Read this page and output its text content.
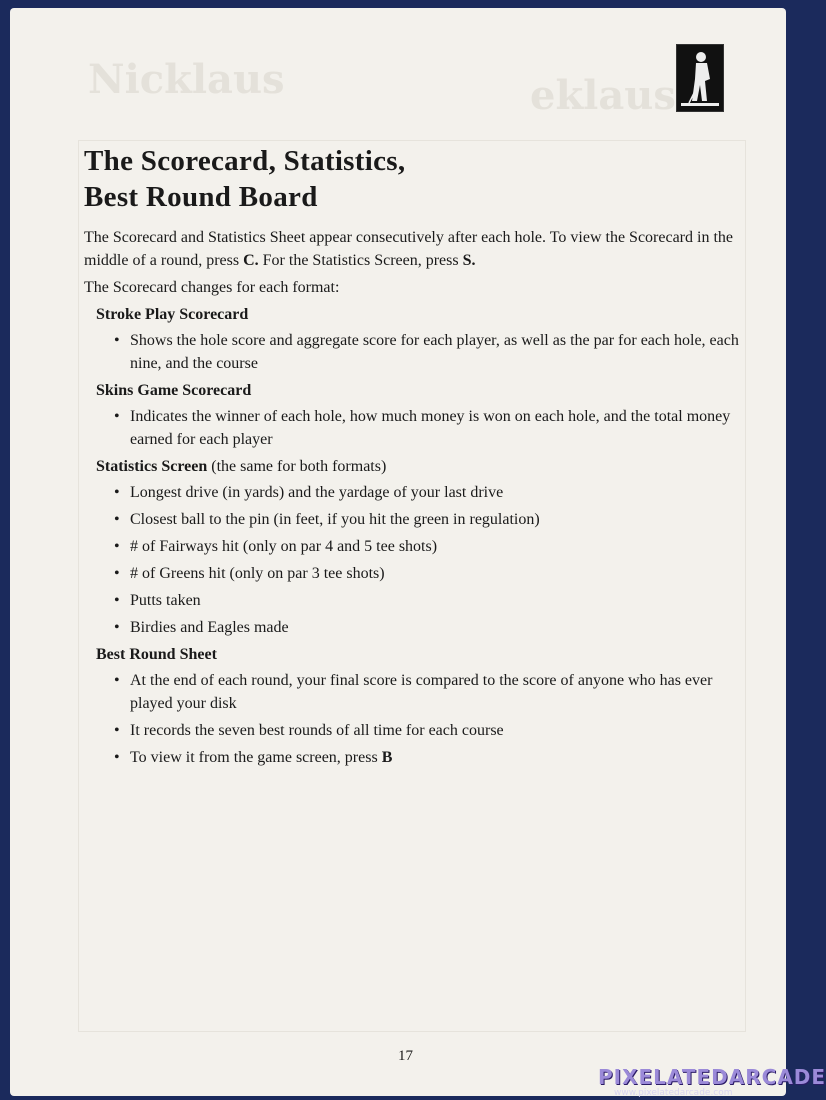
Nicklaus	eklaus
The Scorecard, Statistics,
Best Round Board

The Scorecard and Statistics Sheet appear consecutively after each hole. To view the Scorecard in the middle of a round, press C. For the Statistics Screen, press S.

The Scorecard changes for each format:

Stroke Play Scorecard
• Shows the hole score and aggregate score for each player, as well as the par for each hole, each nine, and the course
Skins Game Scorecard
• Indicates the winner of each hole, how much money is won on each hole, and the total money earned for each player
Statistics Screen (the same for both formats)
• Longest drive (in yards) and the yardage of your last drive
• Closest ball to the pin (in feet, if you hit the green in regulation)
• # of Fairways hit (only on par 4 and 5 tee shots)
• # of Greens hit (only on par 3 tee shots)
• Putts taken
• Birdies and Eagles made
Best Round Sheet
• At the end of each round, your final score is compared to the score of anyone who has ever played your disk
• It records the seven best rounds of all time for each course
• To view it from the game screen, press B
17
PIXELATEDARCADE
www.pixelatedarcade.com
